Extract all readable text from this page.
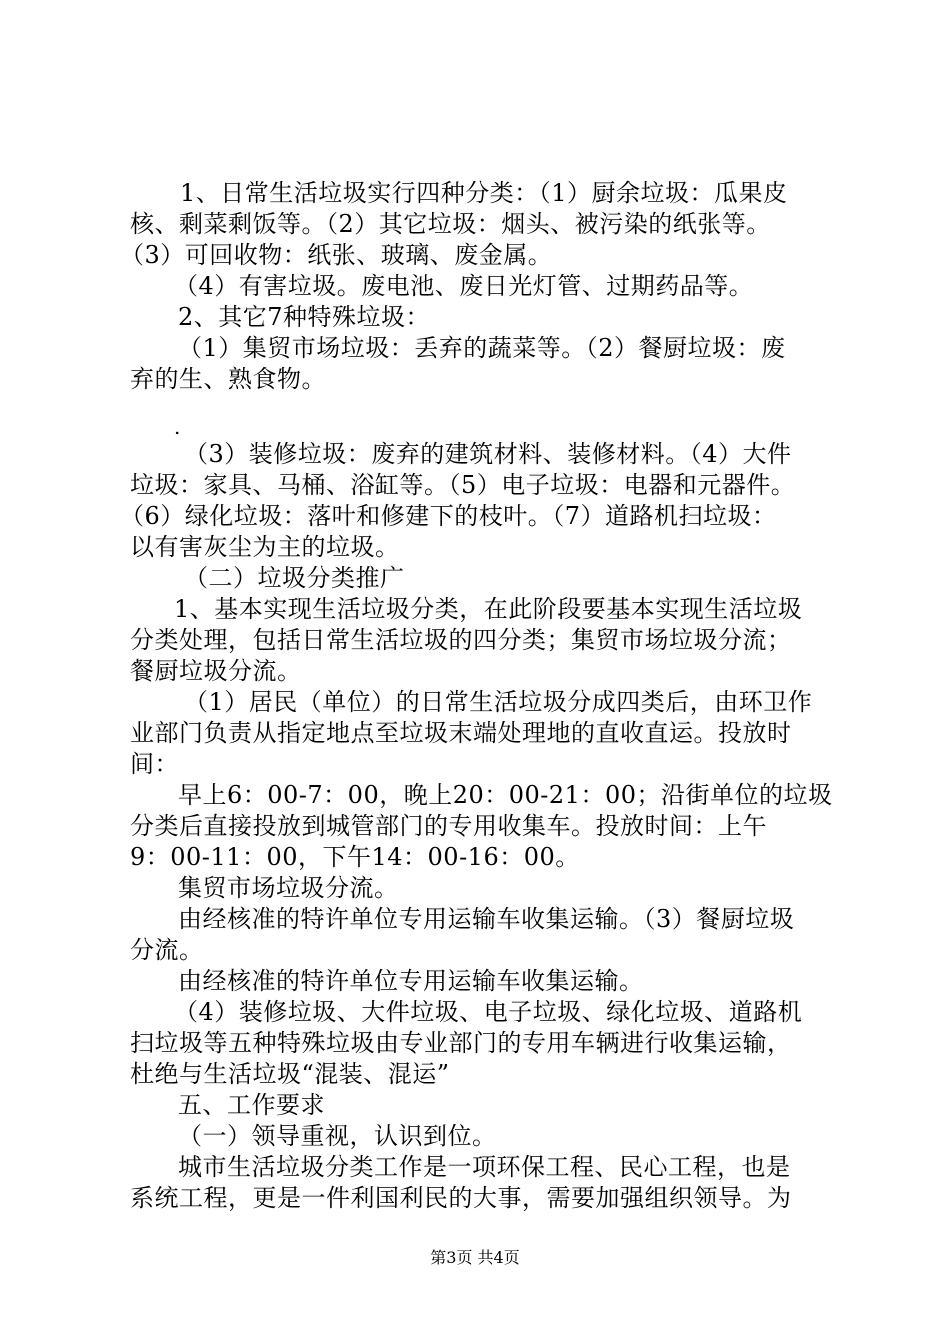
1、日常生活垃圾实行四种分类：（1）厨余垃圾：瓜果皮

核、剩菜剩饭等。（2）其它垃圾：烟头、被污染的纸张等。

（3）可回收物：纸张、玻璃、废金属。

（4）有害垃圾。废电池、废日光灯管、过期药品等。

2、其它7种特殊垃圾：

（1）集贸市场垃圾：丢弃的蔬菜等。（2）餐厨垃圾：废

弃的生、熟食物。

.

（3）装修垃圾：废弃的建筑材料、装修材料。（4）大件

垃圾：家具、马桶、浴缸等。（5）电子垃圾：电器和元器件。

（6）绿化垃圾：落叶和修建下的枝叶。（7）道路机扫垃圾：

以有害灰尘为主的垃圾。

（二）垃圾分类推广

1、基本实现生活垃圾分类，在此阶段要基本实现生活垃圾

分类处理，包括日常生活垃圾的四分类；集贸市场垃圾分流；

餐厨垃圾分流。

（1）居民（单位）的日常生活垃圾分成四类后，由环卫作

业部门负责从指定地点至垃圾末端处理地的直收直运。投放时

间：

早上6：00-7：00，晚上20：00-21：00；沿街单位的垃圾

分类后直接投放到城管部门的专用收集车。投放时间：上午

9：00-11：00，下午14：00-16：00。

集贸市场垃圾分流。

由经核准的特许单位专用运输车收集运输。（3）餐厨垃圾

分流。

由经核准的特许单位专用运输车收集运输。

（4）装修垃圾、大件垃圾、电子垃圾、绿化垃圾、道路机

扫垃圾等五种特殊垃圾由专业部门的专用车辆进行收集运输，

杜绝与生活垃圾“混装、混运”

五、工作要求

（一）领导重视，认识到位。

城市生活垃圾分类工作是一项环保工程、民心工程，也是

系统工程，更是一件利国利民的大事，需要加强组织领导。为

第3页 共4页
